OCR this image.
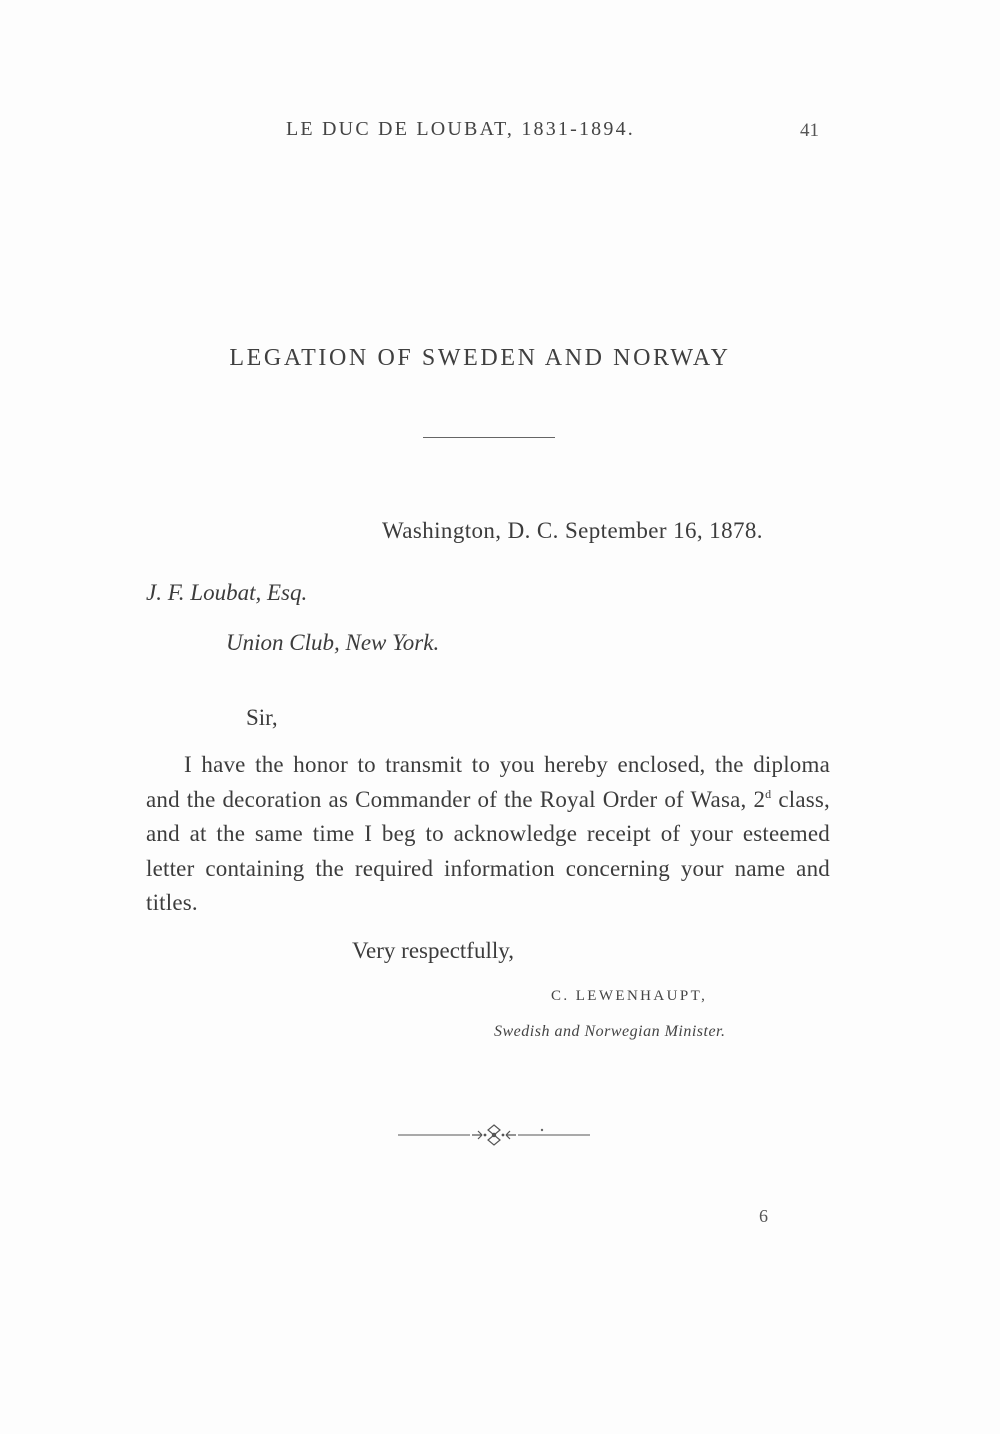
LE DUC DE LOUBAT, 1831-1894.	41
LEGATION OF SWEDEN AND NORWAY
Washington, D. C. September 16, 1878.
J. F. Loubat, Esq.
Union Club, New York.
Sir,
I have the honor to transmit to you hereby enclosed, the diploma and the decoration as Commander of the Royal Order of Wasa, 2$^d$ class, and at the same time I beg to acknowledge receipt of your esteemed letter containing the required information concerning your name and titles.
Very respectfully,
C. LEWENHAUPT,
Swedish and Norwegian Minister.
6
